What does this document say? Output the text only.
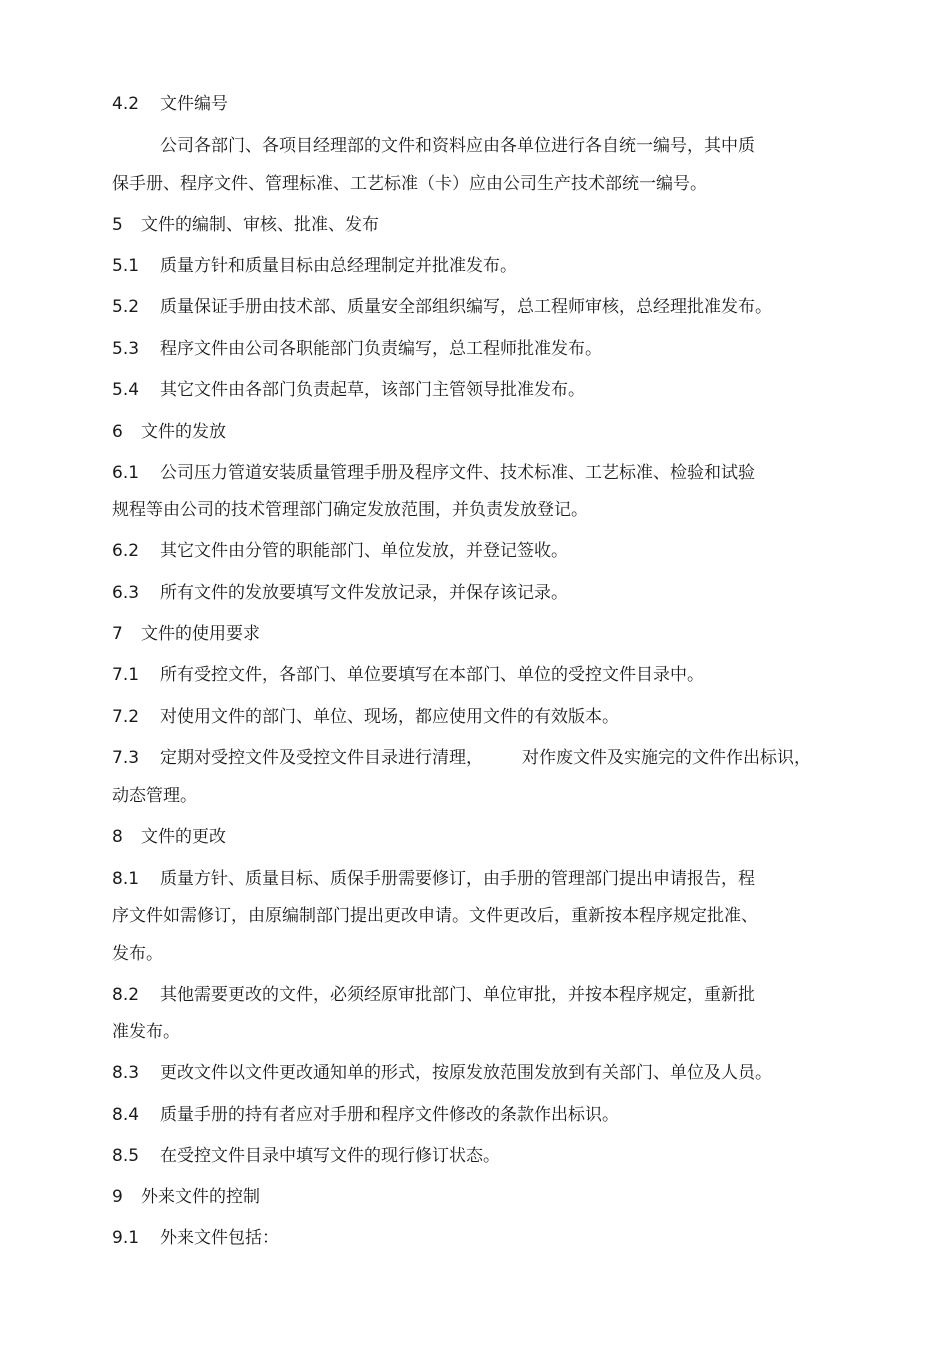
4.2 文件编号
公司各部门、各项目经理部的文件和资料应由各单位进行各自统一编号，其中质
保手册、程序文件、管理标准、工艺标准（卡）应由公司生产技术部统一编号。
5 文件的编制、审核、批准、发布
5.1 质量方针和质量目标由总经理制定并批准发布。
5.2 质量保证手册由技术部、质量安全部组织编写，总工程师审核，总经理批准发布。
5.3 程序文件由公司各职能部门负责编写，总工程师批准发布。
5.4 其它文件由各部门负责起草，该部门主管领导批准发布。
6 文件的发放
6.1 公司压力管道安装质量管理手册及程序文件、技术标准、工艺标准、检验和试验
规程等由公司的技术管理部门确定发放范围，并负责发放登记。
6.2 其它文件由分管的职能部门、单位发放，并登记签收。
6.3 所有文件的发放要填写文件发放记录，并保存该记录。
7 文件的使用要求
7.1 所有受控文件，各部门、单位要填写在本部门、单位的受控文件目录中。
7.2 对使用文件的部门、单位、现场，都应使用文件的有效版本。
7.3 定期对受控文件及受控文件目录进行清理， 对作废文件及实施完的文件作出标识，
动态管理。
8 文件的更改
8.1 质量方针、质量目标、质保手册需要修订，由手册的管理部门提出申请报告，程
序文件如需修订，由原编制部门提出更改申请。文件更改后，重新按本程序规定批准、
发布。
8.2 其他需要更改的文件，必须经原审批部门、单位审批，并按本程序规定，重新批
准发布。
8.3 更改文件以文件更改通知单的形式，按原发放范围发放到有关部门、单位及人员。
8.4 质量手册的持有者应对手册和程序文件修改的条款作出标识。
8.5 在受控文件目录中填写文件的现行修订状态。
9 外来文件的控制
9.1 外来文件包括：
